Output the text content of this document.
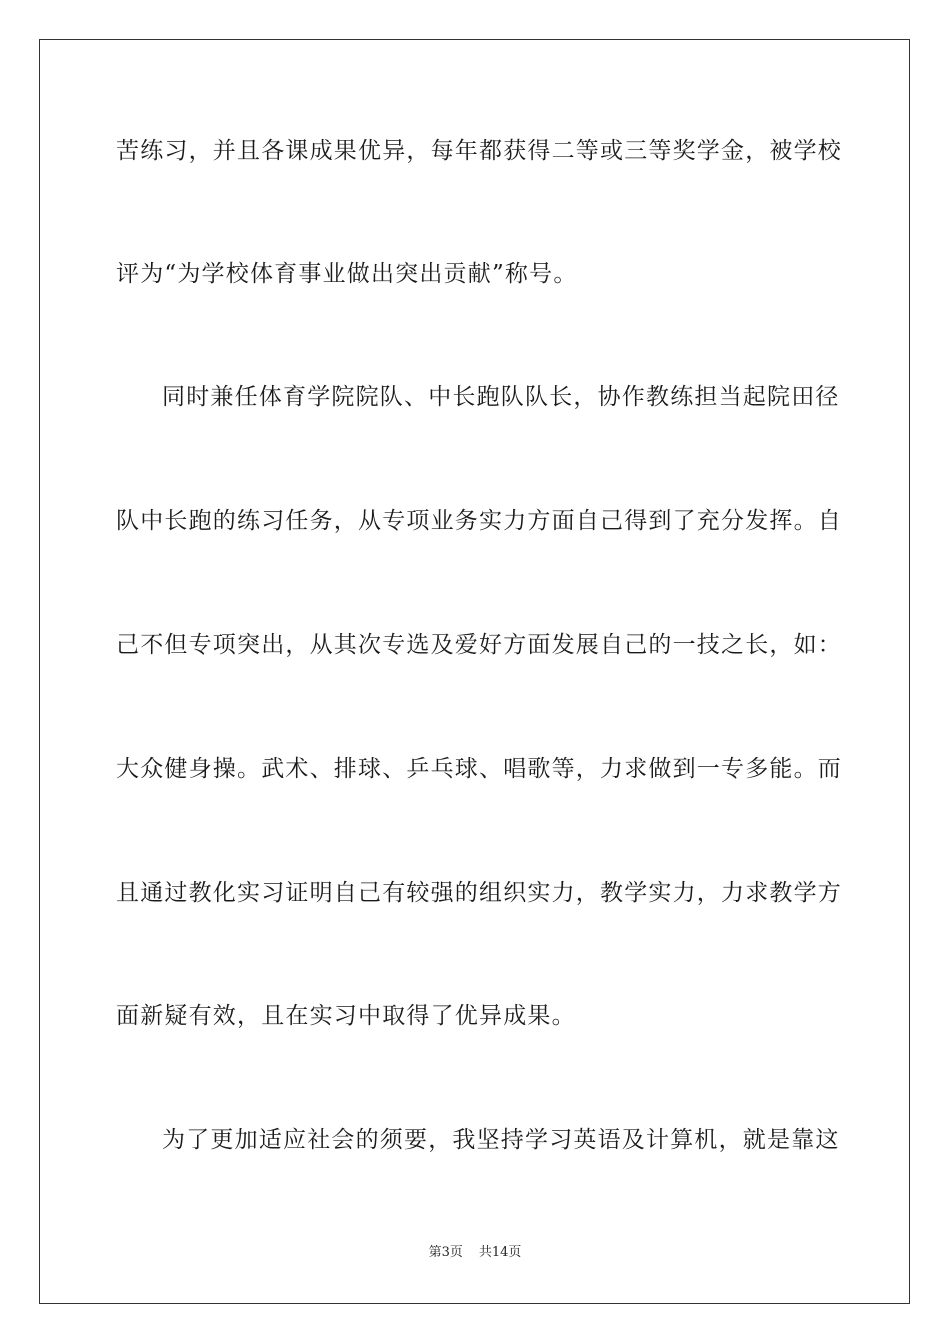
苦练习，并且各课成果优异，每年都获得二等或三等奖学金，被学校
评为“为学校体育事业做出突出贡献”称号。
同时兼任体育学院院队、中长跑队队长，协作教练担当起院田径
队中长跑的练习任务，从专项业务实力方面自己得到了充分发挥。自
己不但专项突出，从其次专选及爱好方面发展自己的一技之长，如：
大众健身操。武术、排球、乒乓球、唱歌等，力求做到一专多能。而
且通过教化实习证明自己有较强的组织实力，教学实力，力求教学方
面新疑有效，且在实习中取得了优异成果。
为了更加适应社会的须要，我坚持学习英语及计算机，就是靠这
第3页 共14页
